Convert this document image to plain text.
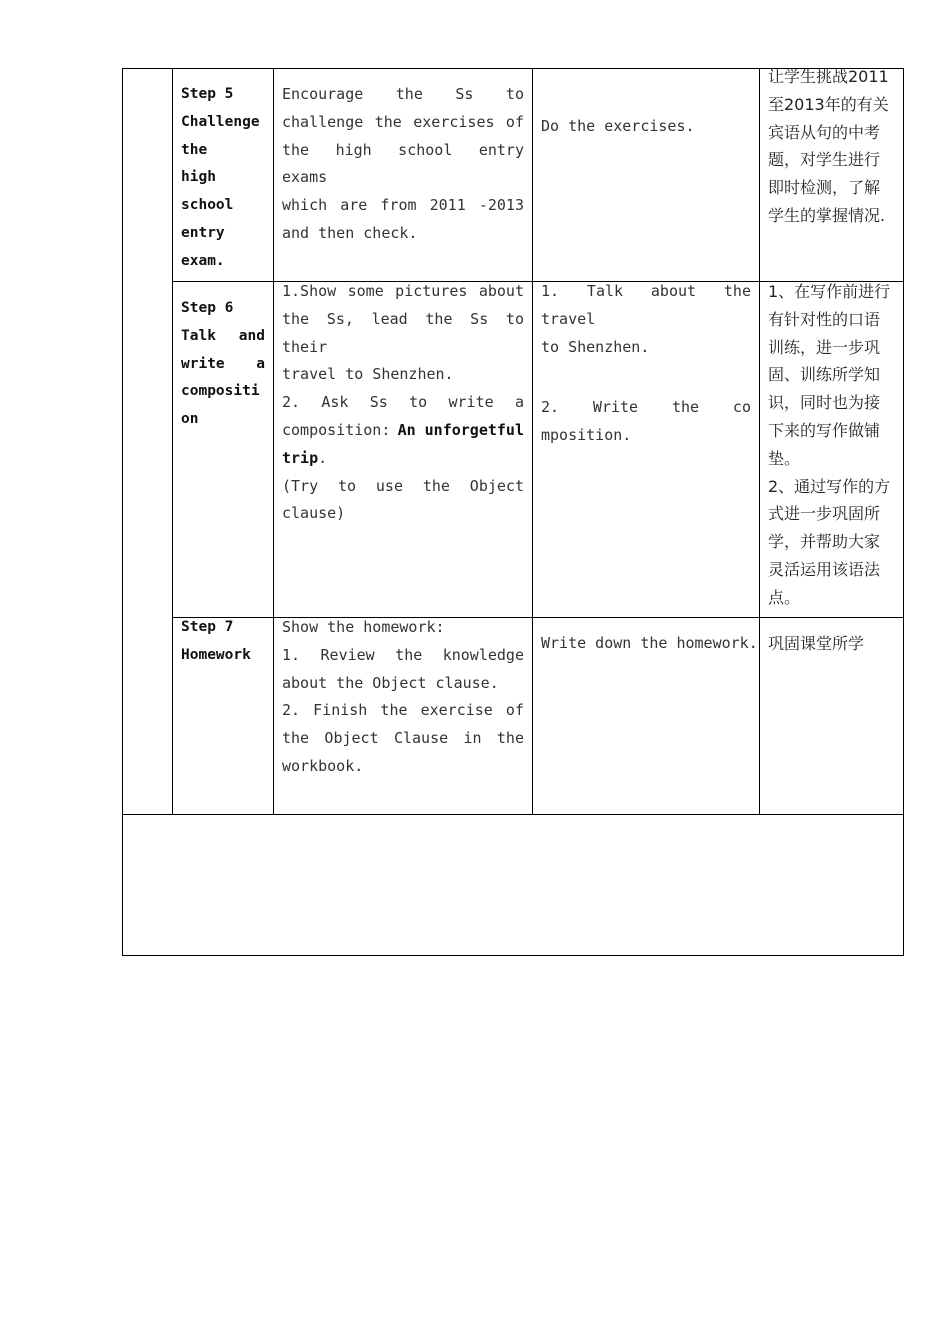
Step 5
Challenge
the
high
school
entry
exam.
Encourage the Ss to
challenge the exercises of
the high school entry exams
which are from 2011 -2013
and then check.
Do the exercises.
让学生挑战2011
至2013年的有关
宾语从句的中考
题，对学生进行
即时检测，了解
学生的掌握情况.
Step 6
Talk and
write a
compositi
on
1.Show some pictures about
the Ss, lead the Ss to their
travel to Shenzhen.
2. Ask Ss to write a
composition: An unforgetful
trip.
(Try to use the Object
clause)
1. Talk about the travel
to Shenzhen.
2. Write the co
mposition.
1、在写作前进行
有针对性的口语
训练，进一步巩
固、训练所学知
识，同时也为接
下来的写作做铺
垫。
2、通过写作的方
式进一步巩固所
学，并帮助大家
灵活运用该语法
点。
Step 7
Homework
Show the homework:
1. Review the knowledge
about the Object clause.
2. Finish the exercise of
the Object Clause in the
workbook.
Write down the homework. 巩固课堂所学
